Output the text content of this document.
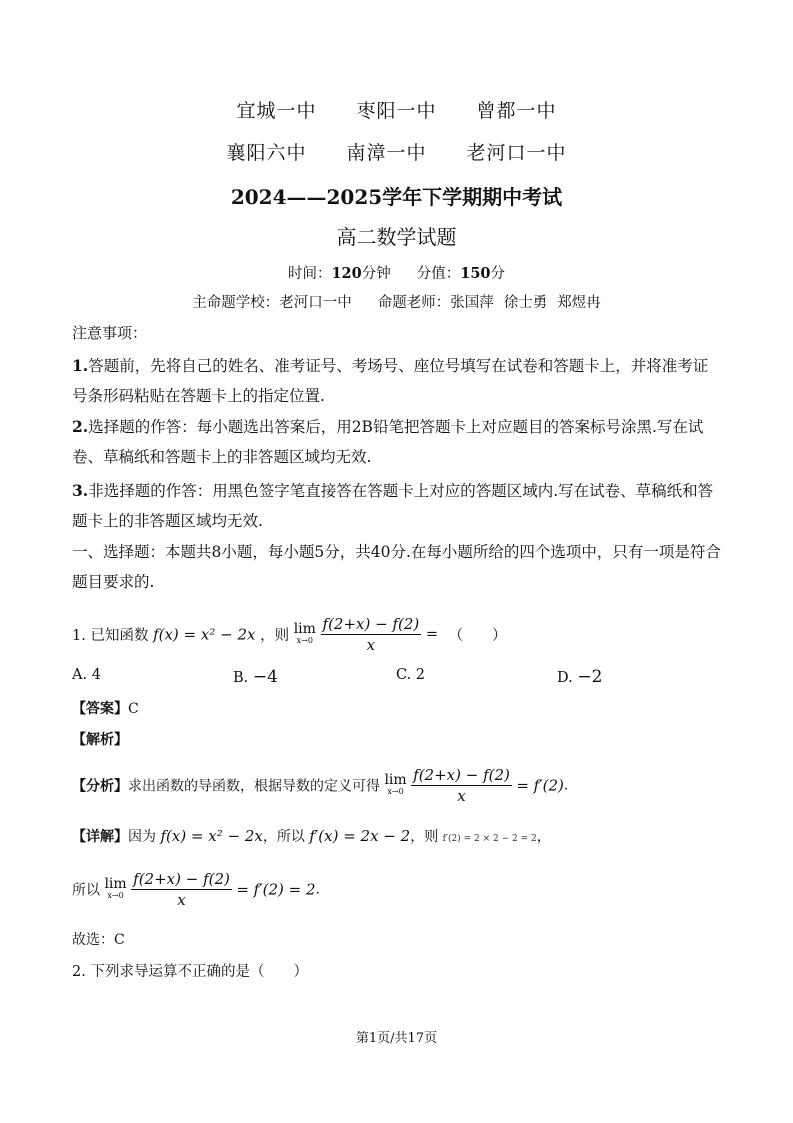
宜城一中 枣阳一中 曾都一中
襄阳六中 南漳一中 老河口一中
2024——2025学年下学期期中考试
高二数学试题
时间：120分钟 分值：150分
主命题学校：老河口一中 命题老师：张国萍 徐士勇 郑煜冉
注意事项：
1.答题前，先将自己的姓名、准考证号、考场号、座位号填写在试卷和答题卡上，并将准考证号条形码粘贴在答题卡上的指定位置.
2.选择题的作答：每小题选出答案后，用2B铅笔把答题卡上对应题目的答案标号涂黑.写在试卷、草稿纸和答题卡上的非答题区域均无效.
3.非选择题的作答：用黑色签字笔直接答在答题卡上对应的答题区域内.写在试卷、草稿纸和答题卡上的非答题区域均无效.
一、选择题：本题共8小题，每小题5分，共40分.在每小题所给的四个选项中，只有一项是符合题目要求的.
1. 已知函数 f(x) = x² − 2x ，则 lim
x→0
$\frac{f(2+x) - f(2)}{x}$ = （　　）
A. 4	B. −4	C. 2	D. −2
【答案】C
【解析】
【分析】求出函数的导函数，根据导数的定义可得 lim
x→0
$\frac{f(2+x) - f(2)}{x} = f'(2)$.
【详解】因为 f(x) = x² − 2x，所以 f′(x) = 2x − 2，则 f′(2) = 2 × 2 − 2 = 2，
所以 lim
x→0
$\frac{f(2+x) - f(2)}{x} = f'(2) = 2$.
故选：C
2. 下列求导运算不正确的是（　　）
第1页/共17页
